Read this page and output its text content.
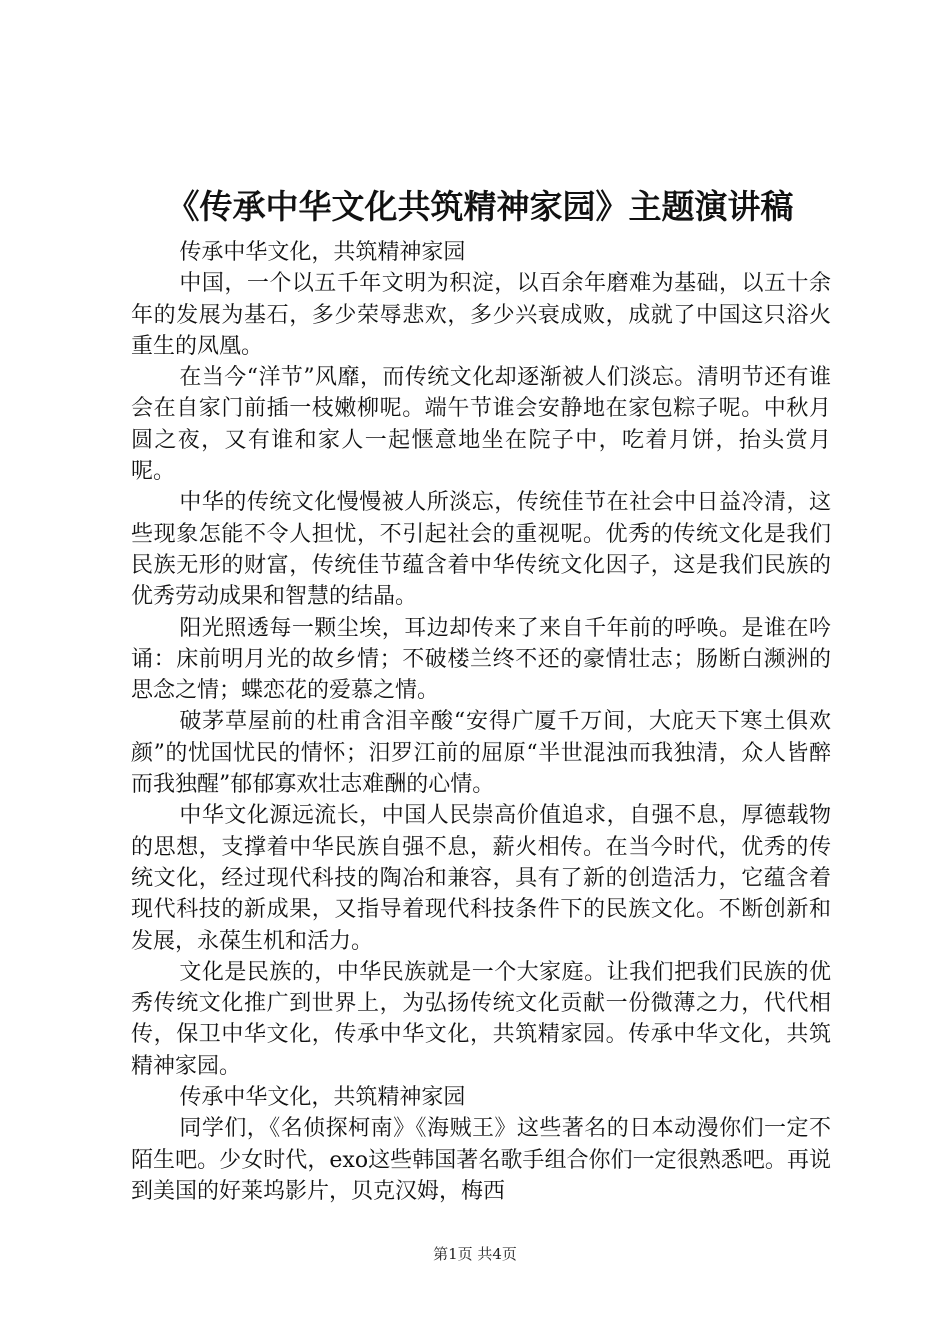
《传承中华文化共筑精神家园》主题演讲稿

传承中华文化，共筑精神家园

中国，一个以五千年文明为积淀，以百余年磨难为基础，以五十余年的发展为基石，多少荣辱悲欢，多少兴衰成败，成就了中国这只浴火重生的凤凰。

在当今“洋节”风靡，而传统文化却逐渐被人们淡忘。清明节还有谁会在自家门前插一枝嫩柳呢。端午节谁会安静地在家包粽子呢。中秋月圆之夜，又有谁和家人一起惬意地坐在院子中，吃着月饼，抬头赏月呢。

中华的传统文化慢慢被人所淡忘，传统佳节在社会中日益冷清，这些现象怎能不令人担忧，不引起社会的重视呢。优秀的传统文化是我们民族无形的财富，传统佳节蕴含着中华传统文化因子，这是我们民族的优秀劳动成果和智慧的结晶。

阳光照透每一颗尘埃，耳边却传来了来自千年前的呼唤。是谁在吟诵：床前明月光的故乡情；不破楼兰终不还的豪情壮志；肠断白濒洲的思念之情；蝶恋花的爱慕之情。

破茅草屋前的杜甫含泪辛酸“安得广厦千万间，大庇天下寒土俱欢颜”的忧国忧民的情怀；汨罗江前的屈原“半世混浊而我独清，众人皆醉而我独醒”郁郁寡欢壮志难酬的心情。

中华文化源远流长，中国人民崇高价值追求，自强不息，厚德载物的思想，支撑着中华民族自强不息，薪火相传。在当今时代，优秀的传统文化，经过现代科技的陶冶和兼容，具有了新的创造活力，它蕴含着现代科技的新成果，又指导着现代科技条件下的民族文化。不断创新和发展，永葆生机和活力。

文化是民族的，中华民族就是一个大家庭。让我们把我们民族的优秀传统文化推广到世界上，为弘扬传统文化贡献一份微薄之力，代代相传，保卫中华文化，传承中华文化，共筑精家园。传承中华文化，共筑精神家园。

传承中华文化，共筑精神家园

同学们，《名侦探柯南》《海贼王》这些著名的日本动漫你们一定不陌生吧。少女时代，exo这些韩国著名歌手组合你们一定很熟悉吧。再说到美国的好莱坞影片，贝克汉姆，梅西

第1页 共4页
